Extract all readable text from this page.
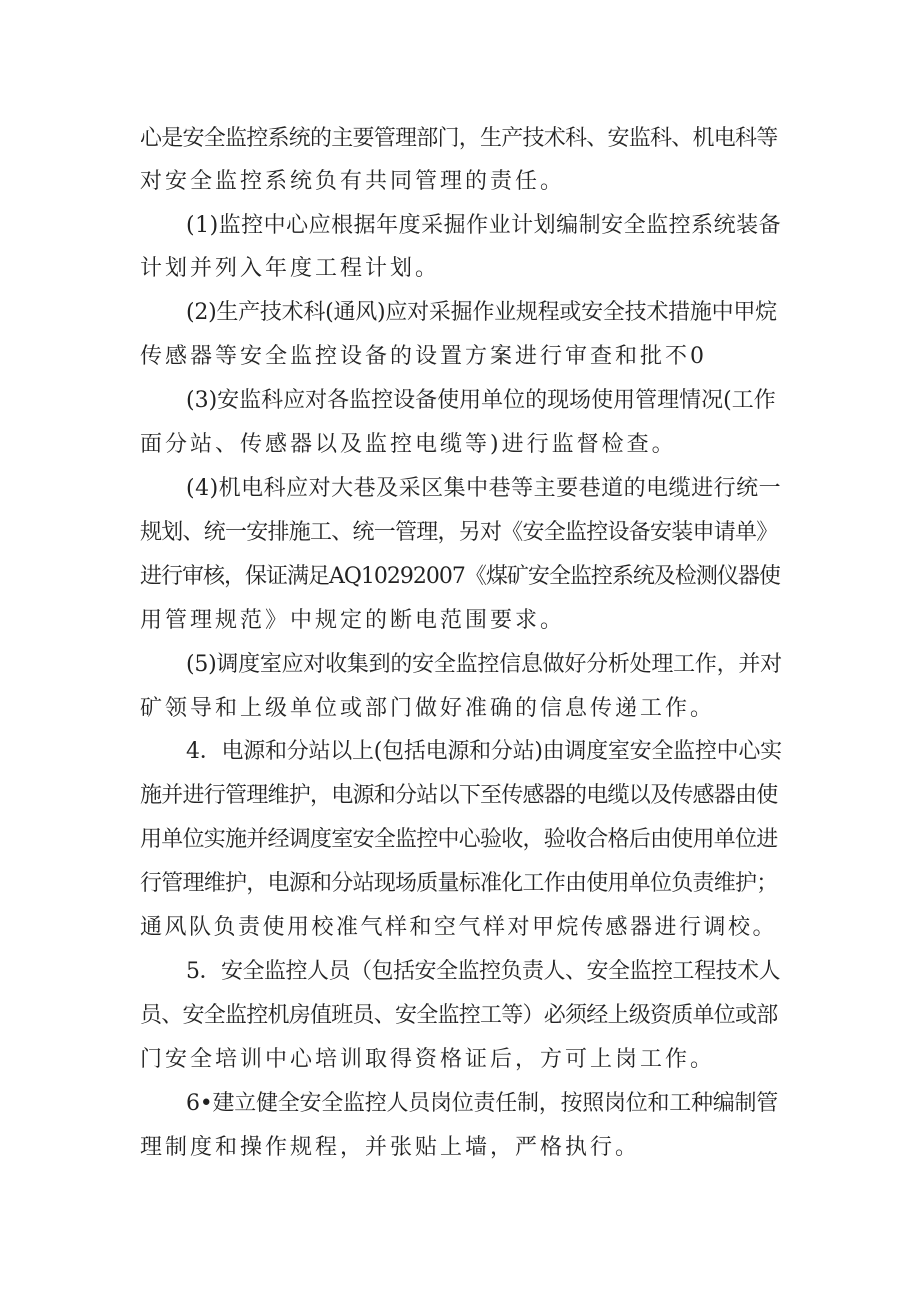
心是安全监控系统的主要管理部门，生产技术科、安监科、机电科等
对安全监控系统负有共同管理的责任。
(1)监控中心应根据年度采掘作业计划编制安全监控系统装备
计划并列入年度工程计划。
(2)生产技术科(通风)应对采掘作业规程或安全技术措施中甲烷
传感器等安全监控设备的设置方案进行审查和批不0
(3)安监科应对各监控设备使用单位的现场使用管理情况(工作
面分站、传感器以及监控电缆等)进行监督检查。
(4)机电科应对大巷及采区集中巷等主要巷道的电缆进行统一
规划、统一安排施工、统一管理，另对《安全监控设备安装申请单》
进行审核，保证满足AQ10292007《煤矿安全监控系统及检测仪器使
用管理规范》中规定的断电范围要求。
(5)调度室应对收集到的安全监控信息做好分析处理工作，并对
矿领导和上级单位或部门做好准确的信息传递工作。
4．电源和分站以上(包括电源和分站)由调度室安全监控中心实
施并进行管理维护，电源和分站以下至传感器的电缆以及传感器由使
用单位实施并经调度室安全监控中心验收，验收合格后由使用单位进
行管理维护，电源和分站现场质量标准化工作由使用单位负责维护；
通风队负责使用校准气样和空气样对甲烷传感器进行调校。
5．安全监控人员（包括安全监控负责人、安全监控工程技术人
员、安全监控机房值班员、安全监控工等）必须经上级资质单位或部
门安全培训中心培训取得资格证后，方可上岗工作。
6•建立健全安全监控人员岗位责任制，按照岗位和工种编制管
理制度和操作规程，并张贴上墙，严格执行。
